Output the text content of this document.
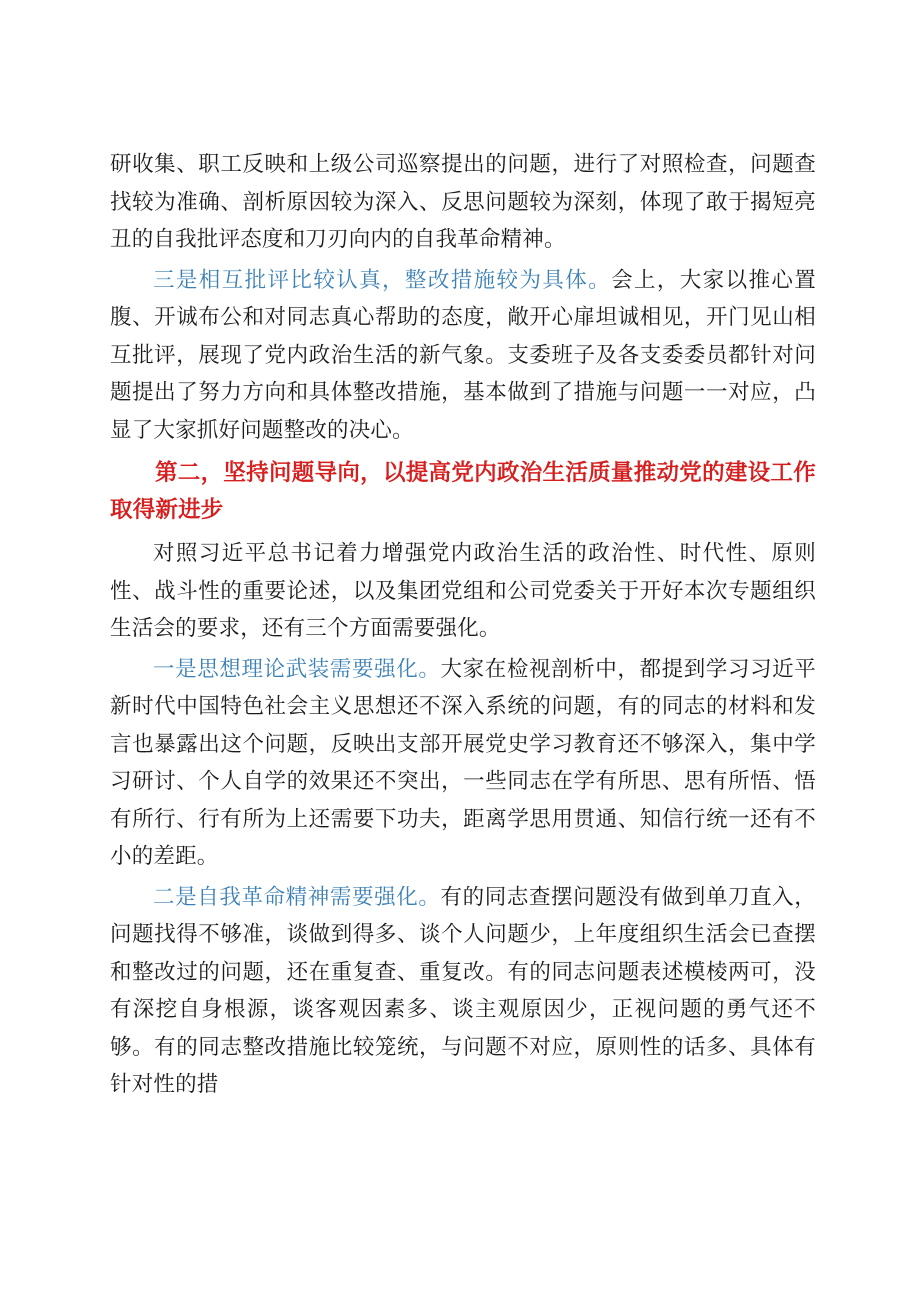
研收集、职工反映和上级公司巡察提出的问题，进行了对照检查，问题查找较为准确、剖析原因较为深入、反思问题较为深刻，体现了敢于揭短亮丑的自我批评态度和刀刃向内的自我革命精神。

三是相互批评比较认真，整改措施较为具体。会上，大家以推心置腹、开诚布公和对同志真心帮助的态度，敞开心扉坦诚相见，开门见山相互批评，展现了党内政治生活的新气象。支委班子及各支委委员都针对问题提出了努力方向和具体整改措施，基本做到了措施与问题一一对应，凸显了大家抓好问题整改的决心。

第二，坚持问题导向，以提高党内政治生活质量推动党的建设工作取得新进步

对照习近平总书记着力增强党内政治生活的政治性、时代性、原则性、战斗性的重要论述，以及集团党组和公司党委关于开好本次专题组织生活会的要求，还有三个方面需要强化。

一是思想理论武装需要强化。大家在检视剖析中，都提到学习习近平新时代中国特色社会主义思想还不深入系统的问题，有的同志的材料和发言也暴露出这个问题，反映出支部开展党史学习教育还不够深入，集中学习研讨、个人自学的效果还不突出，一些同志在学有所思、思有所悟、悟有所行、行有所为上还需要下功夫，距离学思用贯通、知信行统一还有不小的差距。

二是自我革命精神需要强化。有的同志查摆问题没有做到单刀直入，问题找得不够准，谈做到得多、谈个人问题少，上年度组织生活会已查摆和整改过的问题，还在重复查、重复改。有的同志问题表述模棱两可，没有深挖自身根源，谈客观因素多、谈主观原因少，正视问题的勇气还不够。有的同志整改措施比较笼统，与问题不对应，原则性的话多、具体有针对性的措
